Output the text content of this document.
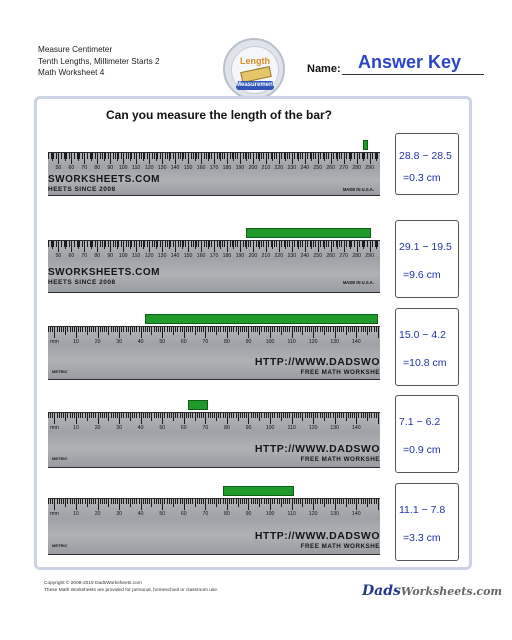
Measure Centimeter
Tenth Lengths, Millimeter Starts 2
Math Worksheet 4
Length
Measurement
Name: Answer Key
Can you measure the length of the bar?
50 60 70 80 90 100 110 120 130 140 150 160 170 180 190 200 210 220 230 240 250 260 270 280 290
MADE IN U.S.A.
SWORKSHEETS.COM
HEETS SINCE 2008
28.8 − 28.5
=0.3 cm
50 60 70 80 90 100 110 120 130 140 150 160 170 180 190 200 210 220 230 240 250 260 270 280 290
MADE IN U.S.A.
SWORKSHEETS.COM
HEETS SINCE 2008
29.1 − 19.5
=9.6 cm
mm	10	20	30	40	50	60	70	80	90	100	110	120 130 140
METRIC
HTTP://WWW.DADSWO
FREE MATH WORKSHE
15.0 − 4.2
=10.8 cm
mm	10	20	30	40	50	60	70	80	90	100	110	120 130 140
METRIC
HTTP://WWW.DADSWO
FREE MATH WORKSHE
7.1 − 6.2
=0.9 cm
mm	10	20	30	40	50	60	70	80	90	100	110	120 130 140
METRIC
HTTP://WWW.DADSWO
FREE MATH WORKSHE
11.1 − 7.8
=3.3 cm
Copyright © 2008-2019 DadsWorksheets.com
These Math Worksheets are provided for personal, homeschool or classroom use.	DadsWorksheets.com
